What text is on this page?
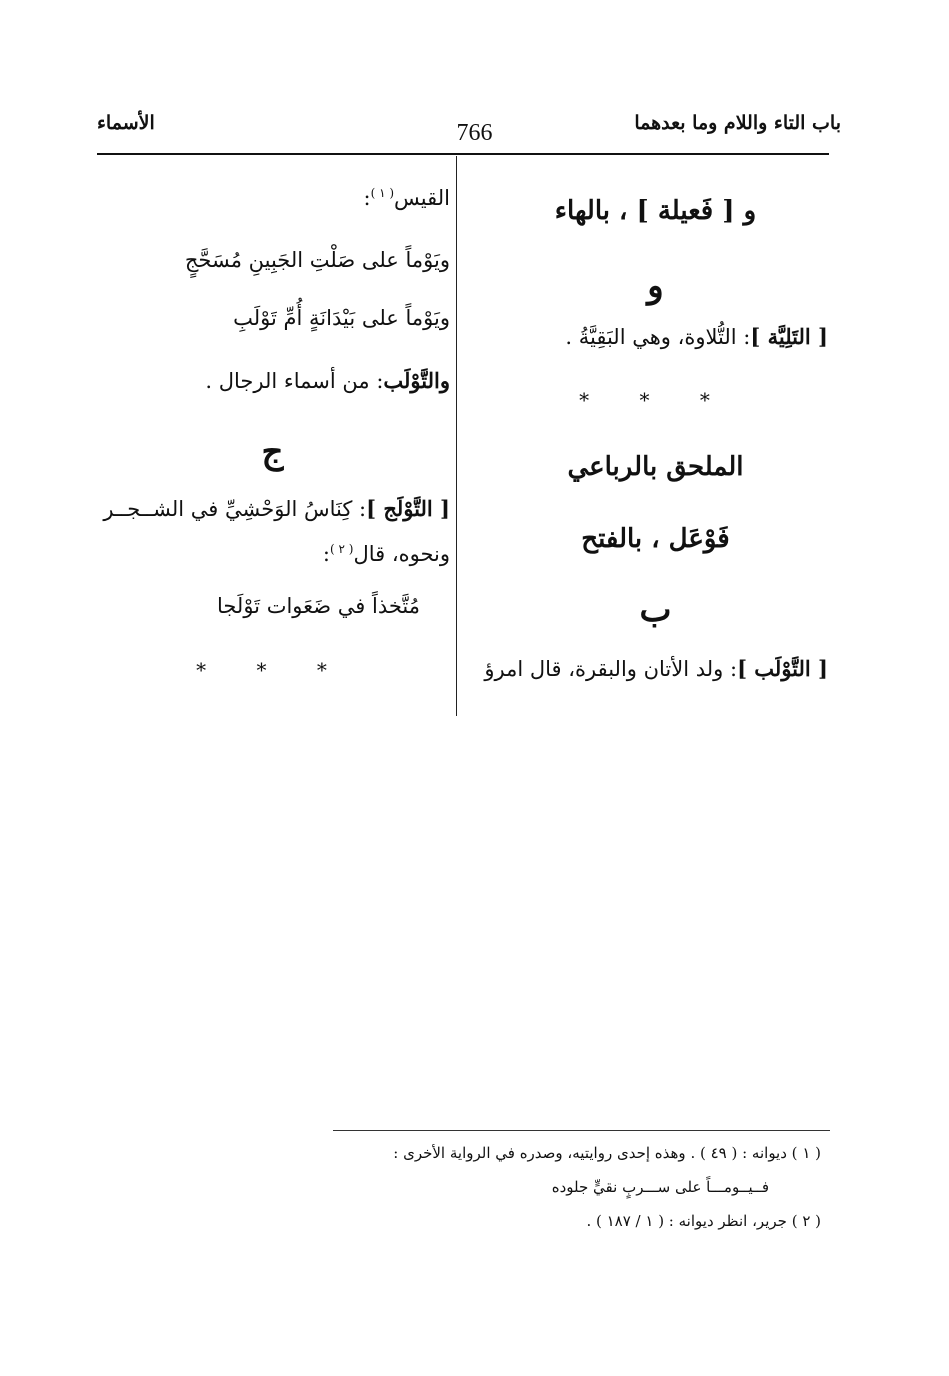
باب التاء واللام وما بعدهما
766
الأسماء
و [ فَعيلة ] ، بالهاء
و
[ التَلِيَّة ]: التُّلاوة، وهي البَقِيَّةُ .
* * *
الملحق بالرباعي
فَوْعَل ، بالفتح
ب
[ التَّوْلَب ]: ولد الأتان والبقرة، قال امرؤ
القيس$^{( ١ )}$:
ويَوْماً على صَلْتِ الجَبِينِ مُسَحَّجٍ
ويَوْماً على بَيْدَانَةٍ أُمِّ تَوْلَبِ
والتَّوْلَب: من أسماء الرجال .
ج
[ التَّوْلَج ]: كِنَاسُ الوَحْشِيِّ في الشــجــر
ونحوه، قال$^{( ٢ )}$:
مُتَّخذاً في ضَعَوات تَوْلَجا
* * *
( ١ ) ديوانه : ( ٤٩ ) . وهذه إحدى روايتيه، وصدره في الرواية الأخرى :
فــيــومـــاً على ســـربٍ نقيٍّ جلوده
( ٢ ) جرير، انظر ديوانه : ( ١ / ١٨٧ ) .
